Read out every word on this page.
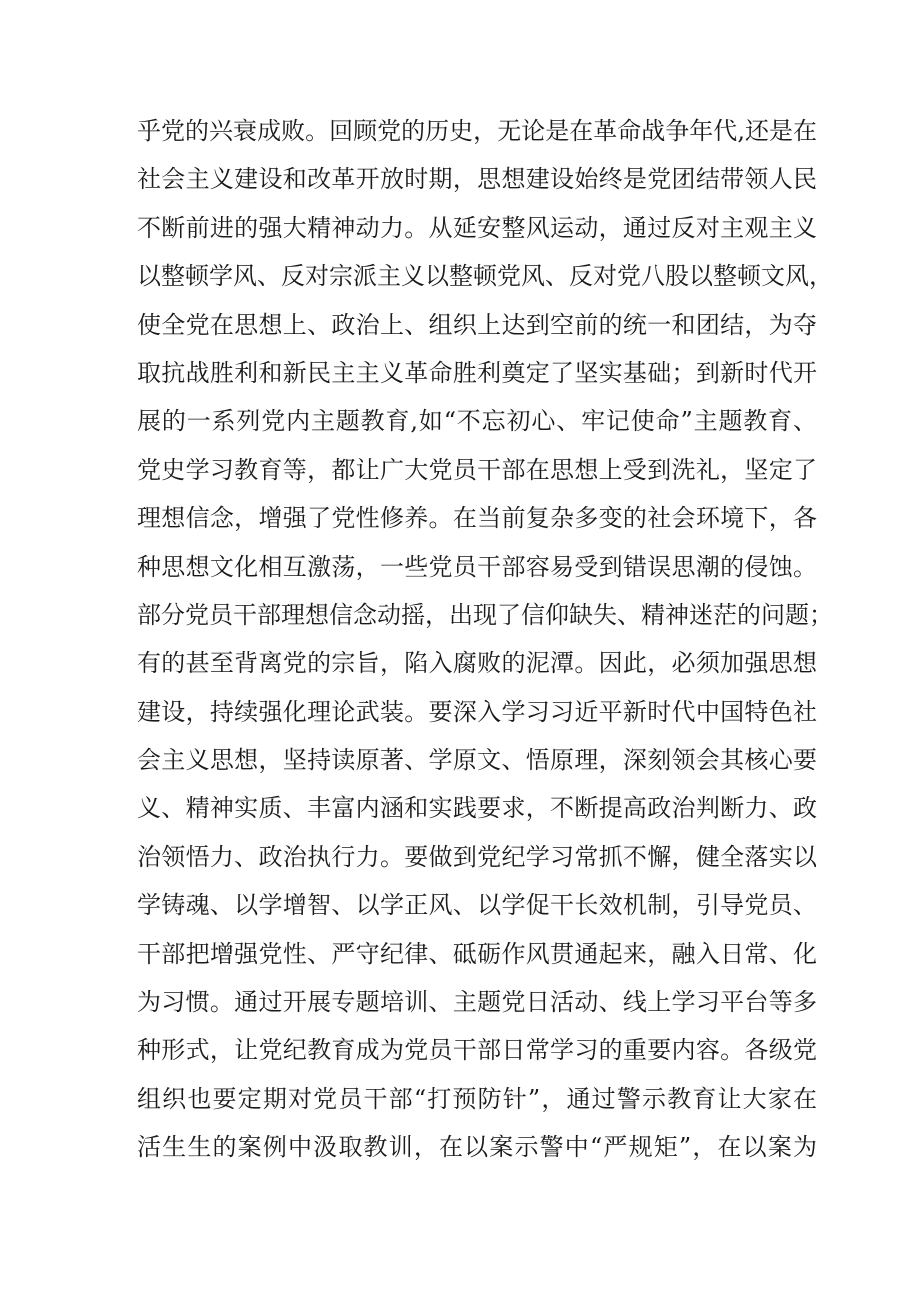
乎党的兴衰成败。回顾党的历史，无论是在革命战争年代,还是在
社会主义建设和改革开放时期，思想建设始终是党团结带领人民
不断前进的强大精神动力。从延安整风运动，通过反对主观主义
以整顿学风、反对宗派主义以整顿党风、反对党八股以整顿文风，
使全党在思想上、政治上、组织上达到空前的统一和团结，为夺
取抗战胜利和新民主主义革命胜利奠定了坚实基础；到新时代开
展的一系列党内主题教育,如“不忘初心、牢记使命”主题教育、
党史学习教育等，都让广大党员干部在思想上受到洗礼，坚定了
理想信念，增强了党性修养。在当前复杂多变的社会环境下，各
种思想文化相互激荡，一些党员干部容易受到错误思潮的侵蚀。
部分党员干部理想信念动摇，出现了信仰缺失、精神迷茫的问题；
有的甚至背离党的宗旨，陷入腐败的泥潭。因此，必须加强思想
建设，持续强化理论武装。要深入学习习近平新时代中国特色社
会主义思想，坚持读原著、学原文、悟原理，深刻领会其核心要
义、精神实质、丰富内涵和实践要求，不断提高政治判断力、政
治领悟力、政治执行力。要做到党纪学习常抓不懈，健全落实以
学铸魂、以学增智、以学正风、以学促干长效机制，引导党员、
干部把增强党性、严守纪律、砥砺作风贯通起来，融入日常、化
为习惯。通过开展专题培训、主题党日活动、线上学习平台等多
种形式，让党纪教育成为党员干部日常学习的重要内容。各级党
组织也要定期对党员干部“打预防针”，通过警示教育让大家在
活生生的案例中汲取教训，在以案示警中“严规矩”，在以案为
